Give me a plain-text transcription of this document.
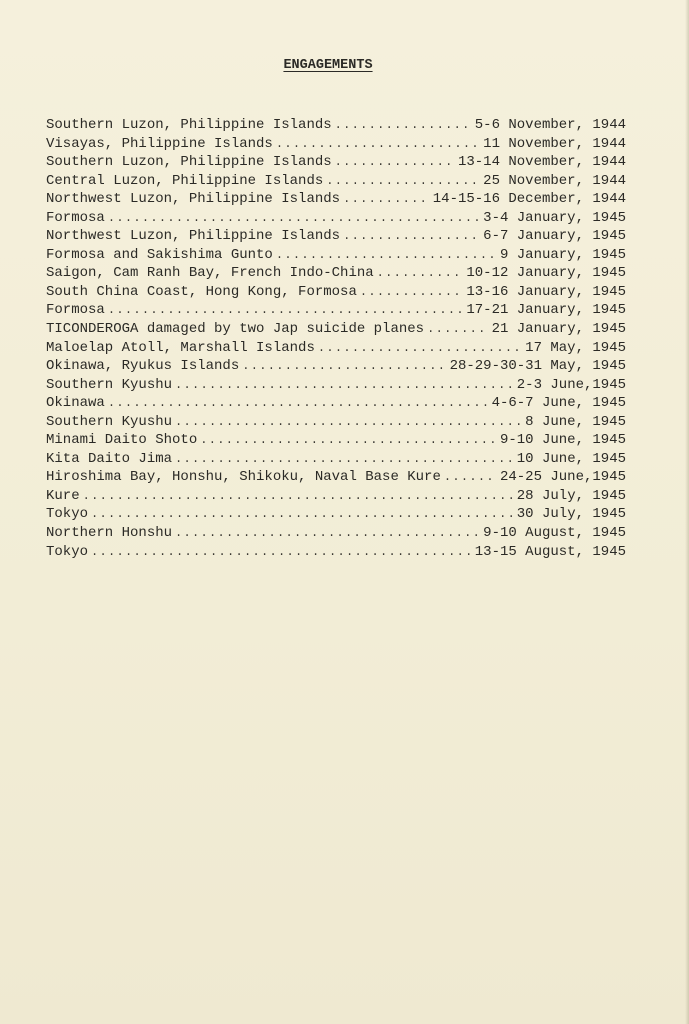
ENGAGEMENTS
Southern Luzon, Philippine Islands .....	5-6 November, 1944
Visayas, Philippine Islands .....	11 November, 1944
Southern Luzon, Philippine Islands .....	13-14 November, 1944
Central Luzon, Philippine Islands .....	25 November, 1944
Northwest Luzon, Philippine Islands .....	14-15-16 December, 1944
Formosa .....	3-4 January, 1945
Northwest Luzon, Philippine Islands .....	6-7 January, 1945
Formosa and Sakishima Gunto .....	9 January, 1945
Saigon, Cam Ranh Bay, French Indo-China .....	10-12 January, 1945
South China Coast, Hong Kong, Formosa .....	13-16 January, 1945
Formosa .....	17-21 January, 1945
TICONDEROGA damaged by two Jap suicide planes .....	21 January, 1945
Maloelap Atoll, Marshall Islands .....	17 May, 1945
Okinawa, Ryukus Islands .....	28-29-30-31 May, 1945
Southern Kyushu .....	2-3 June,1945
Okinawa .....	4-6-7 June, 1945
Southern Kyushu .....	8 June, 1945
Minami Daito Shoto .....	9-10 June, 1945
Kita Daito Jima .....	10 June, 1945
Hiroshima Bay, Honshu, Shikoku, Naval Base Kure .....	24-25 June,1945
Kure .....	28 July, 1945
Tokyo .....	30 July, 1945
Northern Honshu .....	9-10 August, 1945
Tokyo .....	13-15 August, 1945
